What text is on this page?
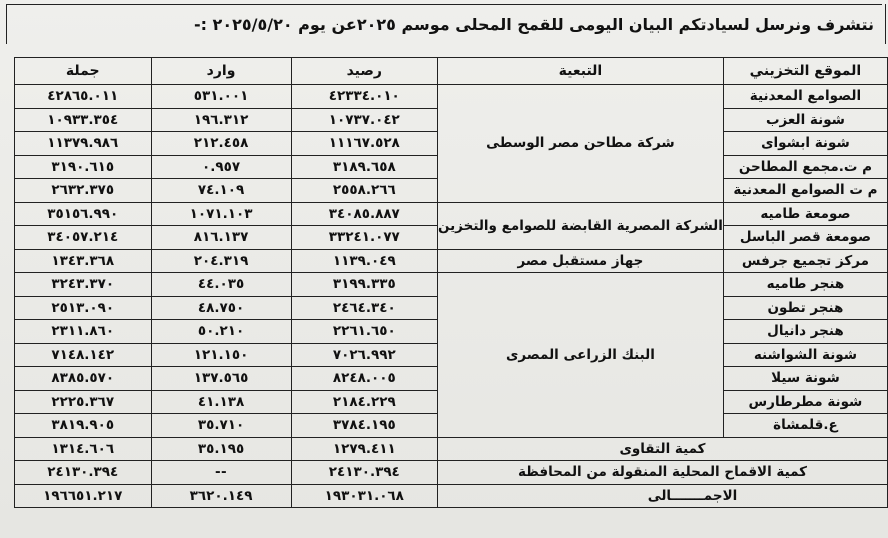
نتشرف ونرسل لسيادتكم البيان اليومى للقمح المحلى موسم ٢٠٢٥عن يوم ٢٠٢٥/٥/٢٠ :-
جملة	وارد	رصيد	التبعية	الموقع التخزيني
٤٢٨٦٥.٠١١	٥٣١.٠٠١	٤٢٣٣٤.٠١٠	شركة مطاحن مصر الوسطى	الصوامع المعدنية
١٠٩٣٣.٣٥٤	١٩٦.٣١٢	١٠٧٣٧.٠٤٢		شونة العزب
١١٣٧٩.٩٨٦	٢١٢.٤٥٨	١١١٦٧.٥٢٨		شونة ابشواى
٣١٩٠.٦١٥	٠.٩٥٧	٣١٨٩.٦٥٨		م ت.مجمع المطاحن
٢٦٣٢.٣٧٥	٧٤.١٠٩	٢٥٥٨.٢٦٦		م ت الصوامع المعدنية
٣٥١٥٦.٩٩٠	١٠٧١.١٠٣	٣٤٠٨٥.٨٨٧	الشركة المصرية القابضة للصوامع والتخزين	صومعة طاميه
٣٤٠٥٧.٢١٤	٨١٦.١٣٧	٣٣٢٤١.٠٧٧		صومعة قصر الباسل
١٣٤٣.٣٦٨	٢٠٤.٣١٩	١١٣٩.٠٤٩	جهاز مستقبل مصر	مركز تجميع جرفس
٣٢٤٣.٣٧٠	٤٤.٠٣٥	٣١٩٩.٣٣٥	البنك الزراعى المصرى	هنجر طاميه
٢٥١٣.٠٩٠	٤٨.٧٥٠	٢٤٦٤.٣٤٠		هنجر تطون
٢٣١١.٨٦٠	٥٠.٢١٠	٢٢٦١.٦٥٠		هنجر دانيال
٧١٤٨.١٤٢	١٢١.١٥٠	٧٠٢٦.٩٩٢		شونة الشواشنه
٨٣٨٥.٥٧٠	١٣٧.٥٦٥	٨٢٤٨.٠٠٥		شونة سيلا
٢٢٢٥.٣٦٧	٤١.١٣٨	٢١٨٤.٢٢٩		شونة مطرطارس
٣٨١٩.٩٠٥	٣٥.٧١٠	٣٧٨٤.١٩٥		ع.قلمشاة
١٣١٤.٦٠٦	٣٥.١٩٥	١٢٧٩.٤١١	كمية التقاوى	
٢٤١٣٠.٣٩٤	--	٢٤١٣٠.٣٩٤	كمية الاقماح المحلية المنقولة من المحافظة	
١٩٦٦٥١.٢١٧	٣٦٢٠.١٤٩	١٩٣٠٣١.٠٦٨	الاجمـــــــالى	
